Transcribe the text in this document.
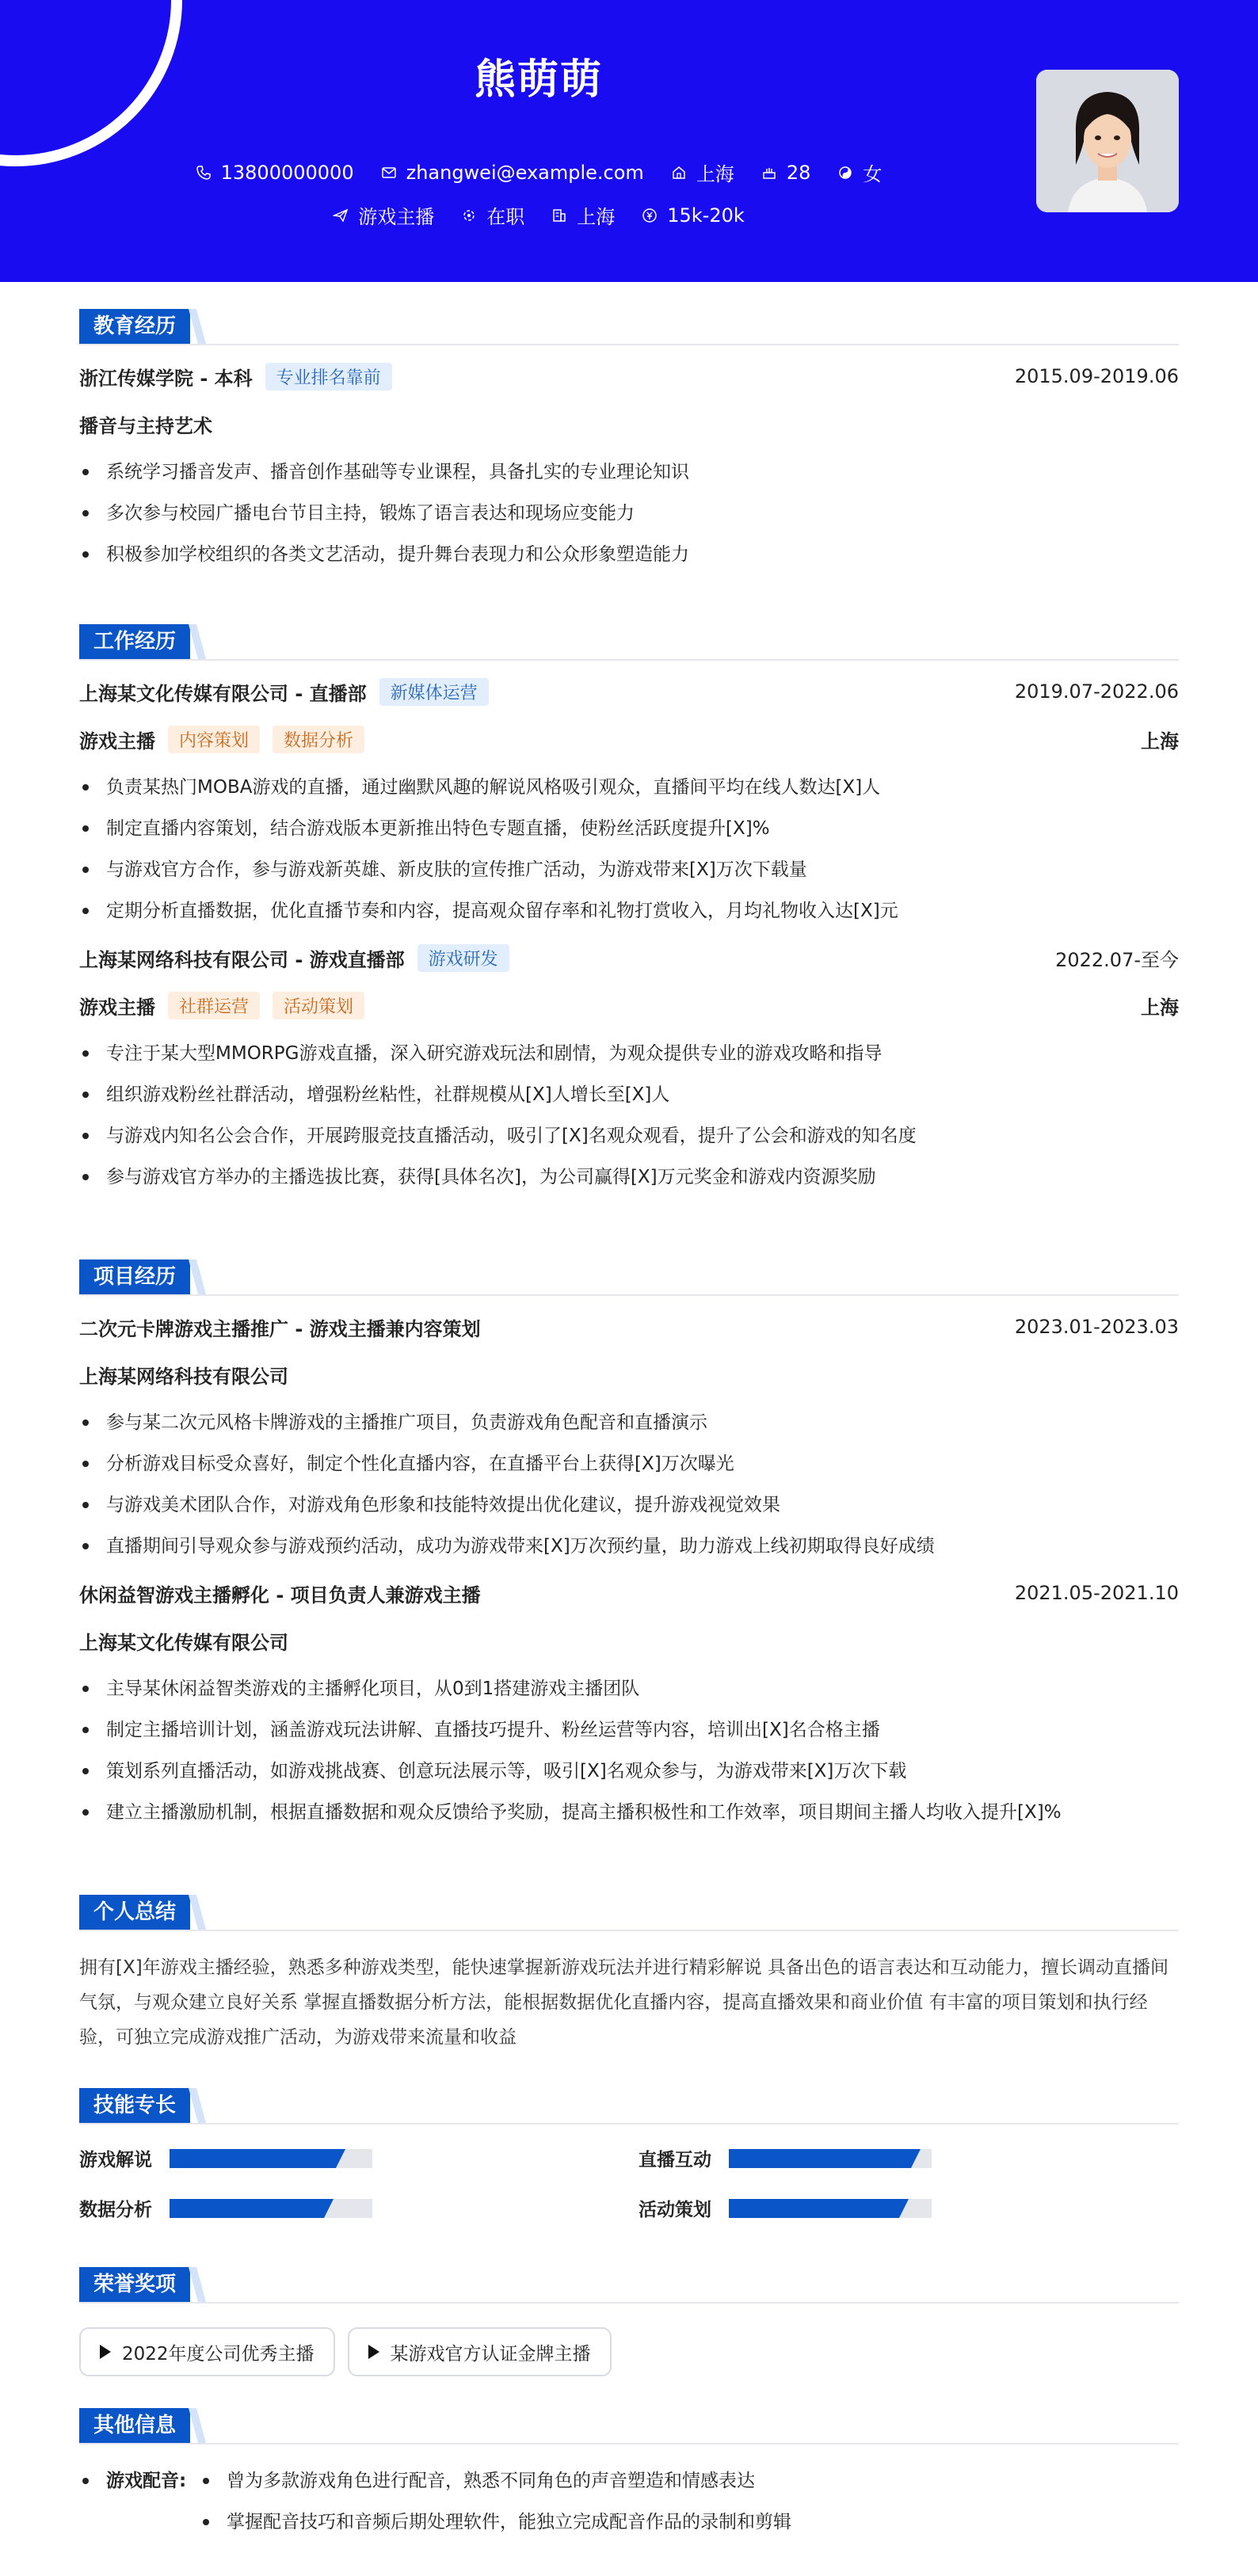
熊萌萌
13800000000	zhangwei@example.com	上海	28	女
游戏主播	在职	上海	15k-20k
教育经历
浙江传媒学院 - 本科	专业排名靠前	2015.09-2019.06
播音与主持艺术
系统学习播音发声、播音创作基础等专业课程，具备扎实的专业理论知识
多次参与校园广播电台节目主持，锻炼了语言表达和现场应变能力
积极参加学校组织的各类文艺活动，提升舞台表现力和公众形象塑造能力
工作经历
上海某文化传媒有限公司 - 直播部	新媒体运营	2019.07-2022.06
游戏主播	内容策划	数据分析	上海
负责某热门MOBA游戏的直播，通过幽默风趣的解说风格吸引观众，直播间平均在线人数达[X]人
制定直播内容策划，结合游戏版本更新推出特色专题直播，使粉丝活跃度提升[X]%
与游戏官方合作，参与游戏新英雄、新皮肤的宣传推广活动，为游戏带来[X]万次下载量
定期分析直播数据，优化直播节奏和内容，提高观众留存率和礼物打赏收入，月均礼物收入达[X]元
上海某网络科技有限公司 - 游戏直播部	游戏研发	2022.07-至今
游戏主播	社群运营	活动策划	上海
专注于某大型MMORPG游戏直播，深入研究游戏玩法和剧情，为观众提供专业的游戏攻略和指导
组织游戏粉丝社群活动，增强粉丝粘性，社群规模从[X]人增长至[X]人
与游戏内知名公会合作，开展跨服竞技直播活动，吸引了[X]名观众观看，提升了公会和游戏的知名度
参与游戏官方举办的主播选拔比赛，获得[具体名次]，为公司赢得[X]万元奖金和游戏内资源奖励
项目经历
二次元卡牌游戏主播推广 - 游戏主播兼内容策划	2023.01-2023.03
上海某网络科技有限公司
参与某二次元风格卡牌游戏的主播推广项目，负责游戏角色配音和直播演示
分析游戏目标受众喜好，制定个性化直播内容，在直播平台上获得[X]万次曝光
与游戏美术团队合作，对游戏角色形象和技能特效提出优化建议，提升游戏视觉效果
直播期间引导观众参与游戏预约活动，成功为游戏带来[X]万次预约量，助力游戏上线初期取得良好成绩
休闲益智游戏主播孵化 - 项目负责人兼游戏主播	2021.05-2021.10
上海某文化传媒有限公司
主导某休闲益智类游戏的主播孵化项目，从0到1搭建游戏主播团队
制定主播培训计划，涵盖游戏玩法讲解、直播技巧提升、粉丝运营等内容，培训出[X]名合格主播
策划系列直播活动，如游戏挑战赛、创意玩法展示等，吸引[X]名观众参与，为游戏带来[X]万次下载
建立主播激励机制，根据直播数据和观众反馈给予奖励，提高主播积极性和工作效率，项目期间主播人均收入提升[X]%
个人总结
拥有[X]年游戏主播经验，熟悉多种游戏类型，能快速掌握新游戏玩法并进行精彩解说 具备出色的语言表达和互动能力，擅长调动直播间气氛，与观众建立良好关系 掌握直播数据分析方法，能根据数据优化直播内容，提高直播效果和商业价值 有丰富的项目策划和执行经验，可独立完成游戏推广活动，为游戏带来流量和收益
技能专长
游戏解说	直播互动
数据分析	活动策划
荣誉奖项
2022年度公司优秀主播	某游戏官方认证金牌主播
其他信息
游戏配音:	曾为多款游戏角色进行配音，熟悉不同角色的声音塑造和情感表达
掌握配音技巧和音频后期处理软件，能独立完成配音作品的录制和剪辑
